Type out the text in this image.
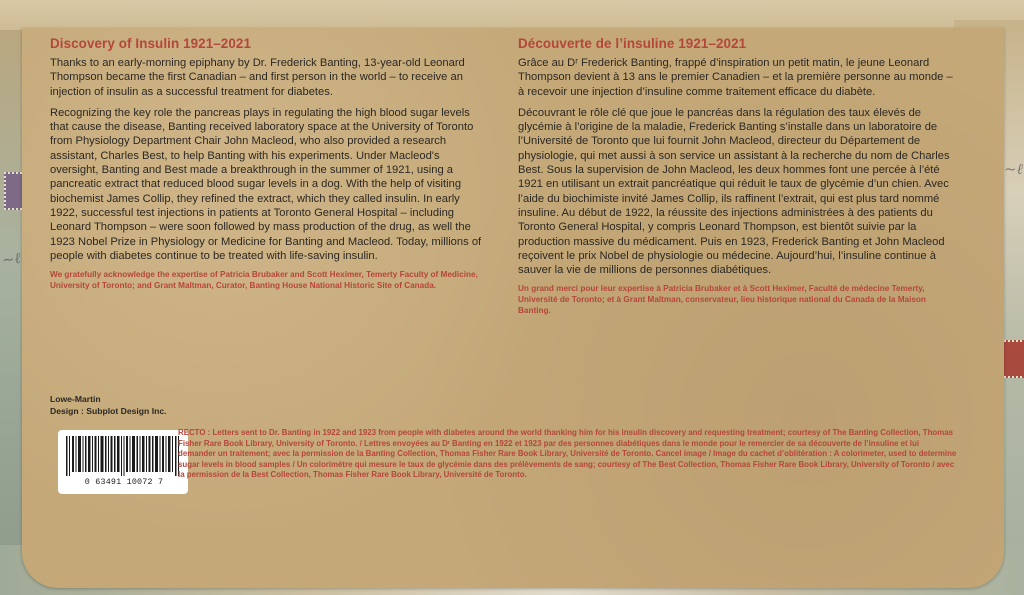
~ℓ
~ℓ
Discovery of Insulin 1921–2021

Thanks to an early-morning epiphany by Dr. Frederick Banting, 13-year-old Leonard Thompson became the first Canadian – and first person in the world – to receive an injection of insulin as a successful treatment for diabetes.

Recognizing the key role the pancreas plays in regulating the high blood sugar levels that cause the disease, Banting received laboratory space at the University of Toronto from Physiology Department Chair John Macleod, who also provided a research assistant, Charles Best, to help Banting with his experiments. Under Macleod's oversight, Banting and Best made a breakthrough in the summer of 1921, using a pancreatic extract that reduced blood sugar levels in a dog. With the help of visiting biochemist James Collip, they refined the extract, which they called insulin. In early 1922, successful test injections in patients at Toronto General Hospital – including Leonard Thompson – were soon followed by mass production of the drug, as well the 1923 Nobel Prize in Physiology or Medicine for Banting and Macleod. Today, millions of people with diabetes continue to be treated with life-saving insulin.

We gratefully acknowledge the expertise of Patricia Brubaker and Scott Heximer, Temerty Faculty of Medicine, University of Toronto; and Grant Maltman, Curator, Banting House National Historic Site of Canada.

Découverte de l’insuline 1921–2021

Grâce au Dʳ Frederick Banting, frappé d’inspiration un petit matin, le jeune Leonard Thompson devient à 13 ans le premier Canadien – et la première personne au monde – à recevoir une injection d’insuline comme traitement efficace du diabète.

Découvrant le rôle clé que joue le pancréas dans la régulation des taux élevés de glycémie à l’origine de la maladie, Frederick Banting s’installe dans un laboratoire de l’Université de Toronto que lui fournit John Macleod, directeur du Département de physiologie, qui met aussi à son service un assistant à la recherche du nom de Charles Best. Sous la supervision de John Macleod, les deux hommes font une percée à l’été 1921 en utilisant un extrait pancréatique qui réduit le taux de glycémie d’un chien. Avec l’aide du biochimiste invité James Collip, ils raffinent l’extrait, qui est plus tard nommé insuline. Au début de 1922, la réussite des injections administrées à des patients du Toronto General Hospital, y compris Leonard Thompson, est bientôt suivie par la production massive du médicament. Puis en 1923, Frederick Banting et John Macleod reçoivent le prix Nobel de physiologie ou médecine. Aujourd’hui, l’insuline continue à sauver la vie de millions de personnes diabétiques.

Un grand merci pour leur expertise à Patricia Brubaker et à Scott Heximer, Faculté de médecine Temerty, Université de Toronto; et à Grant Maltman, conservateur, lieu historique national du Canada de la Maison Banting.

Lowe-Martin
Design : Subplot Design Inc.
0 63491 10072 7
RECTO : Letters sent to Dr. Banting in 1922 and 1923 from people with diabetes around the world thanking him for his insulin discovery and requesting treatment; courtesy of The Banting Collection, Thomas Fisher Rare Book Library, University of Toronto. / Lettres envoyées au Dʳ Banting en 1922 et 1923 par des personnes diabétiques dans le monde pour le remercier de sa découverte de l’insuline et lui demander un traitement; avec la permission de la Banting Collection, Thomas Fisher Rare Book Library, Université de Toronto. Cancel image / Image du cachet d’oblitération : A colorimeter, used to determine sugar levels in blood samples / Un colorimètre qui mesure le taux de glycémie dans des prélèvements de sang; courtesy of The Best Collection, Thomas Fisher Rare Book Library, University of Toronto / avec la permission de la Best Collection, Thomas Fisher Rare Book Library, Université de Toronto.
